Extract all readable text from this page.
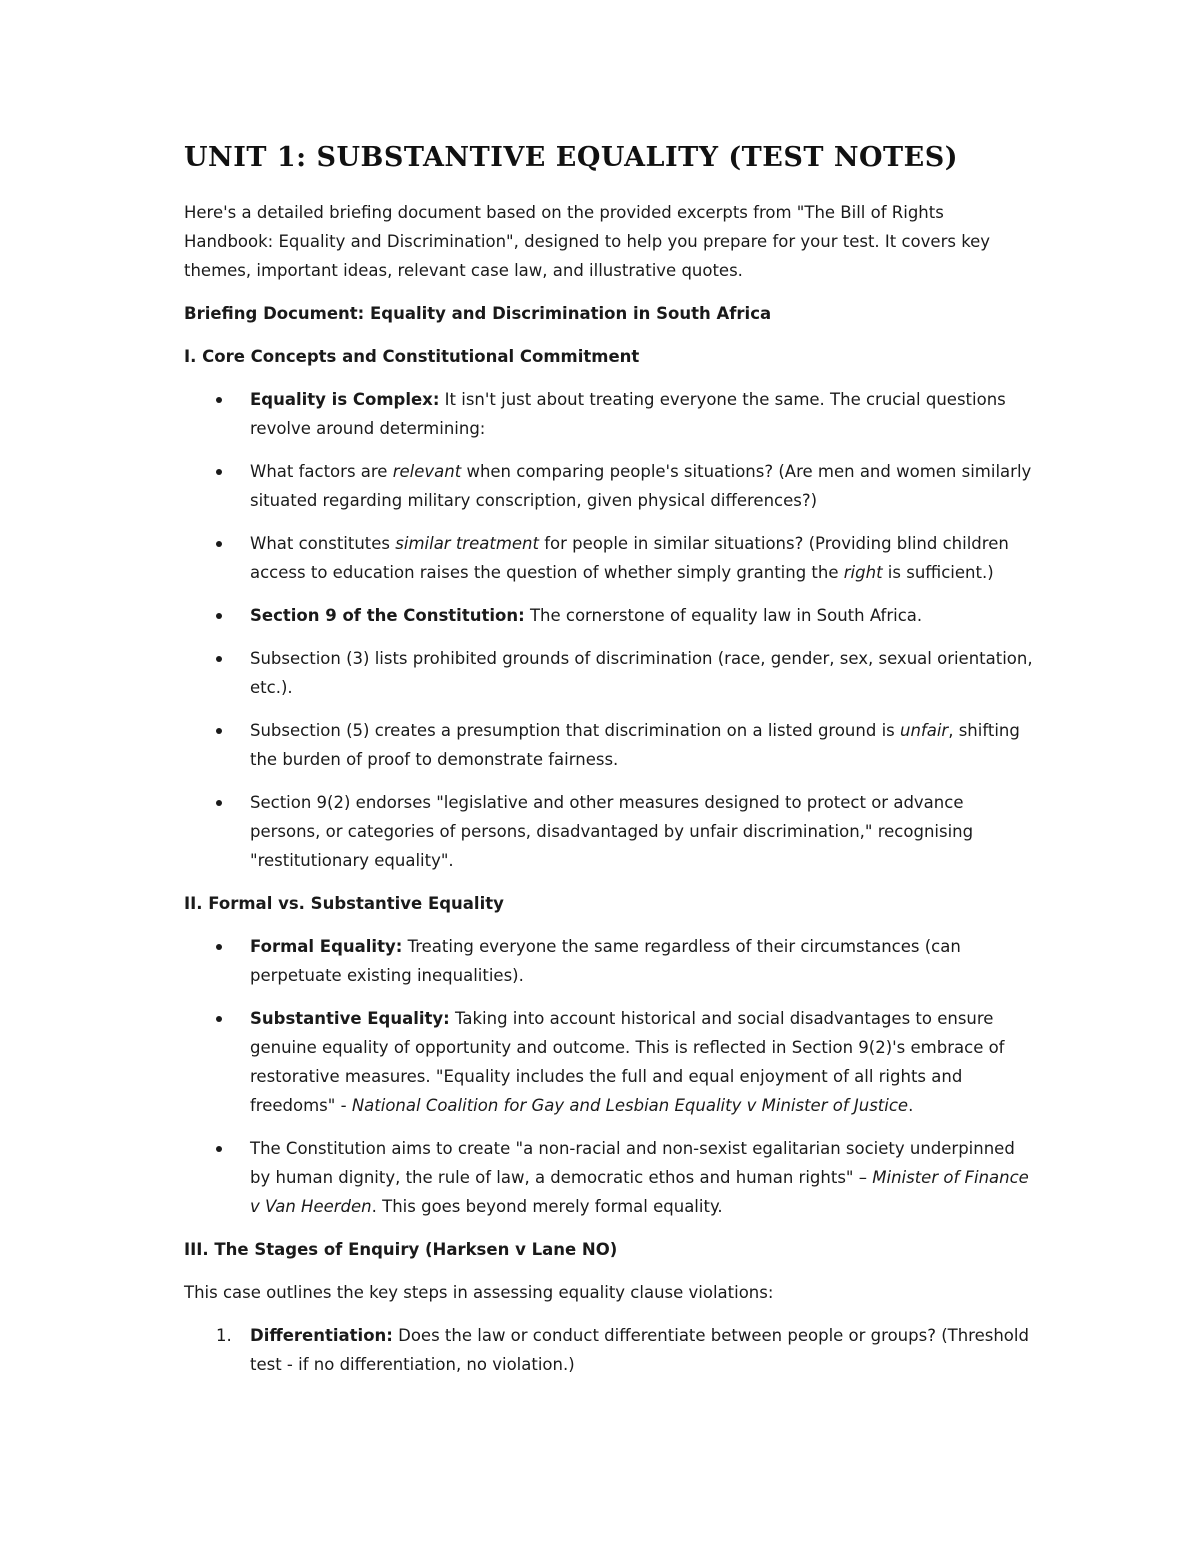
UNIT 1: SUBSTANTIVE EQUALITY (TEST NOTES)

Here's a detailed briefing document based on the provided excerpts from "The Bill of Rights Handbook: Equality and Discrimination", designed to help you prepare for your test. It covers key themes, important ideas, relevant case law, and illustrative quotes.

Briefing Document: Equality and Discrimination in South Africa

I. Core Concepts and Constitutional Commitment

Equality is Complex: It isn't just about treating everyone the same. The crucial questions revolve around determining:
What factors are relevant when comparing people's situations? (Are men and women similarly situated regarding military conscription, given physical differences?)
What constitutes similar treatment for people in similar situations? (Providing blind children access to education raises the question of whether simply granting the right is sufficient.)
Section 9 of the Constitution: The cornerstone of equality law in South Africa.
Subsection (3) lists prohibited grounds of discrimination (race, gender, sex, sexual orientation, etc.).
Subsection (5) creates a presumption that discrimination on a listed ground is unfair, shifting the burden of proof to demonstrate fairness.
Section 9(2) endorses "legislative and other measures designed to protect or advance persons, or categories of persons, disadvantaged by unfair discrimination," recognising "restitutionary equality".

II. Formal vs. Substantive Equality

Formal Equality: Treating everyone the same regardless of their circumstances (can perpetuate existing inequalities).
Substantive Equality: Taking into account historical and social disadvantages to ensure genuine equality of opportunity and outcome. This is reflected in Section 9(2)'s embrace of restorative measures. "Equality includes the full and equal enjoyment of all rights and freedoms" - National Coalition for Gay and Lesbian Equality v Minister of Justice.
The Constitution aims to create "a non-racial and non-sexist egalitarian society underpinned by human dignity, the rule of law, a democratic ethos and human rights" – Minister of Finance v Van Heerden. This goes beyond merely formal equality.

III. The Stages of Enquiry (Harksen v Lane NO)

This case outlines the key steps in assessing equality clause violations:

1. Differentiation: Does the law or conduct differentiate between people or groups? (Threshold test - if no differentiation, no violation.)
